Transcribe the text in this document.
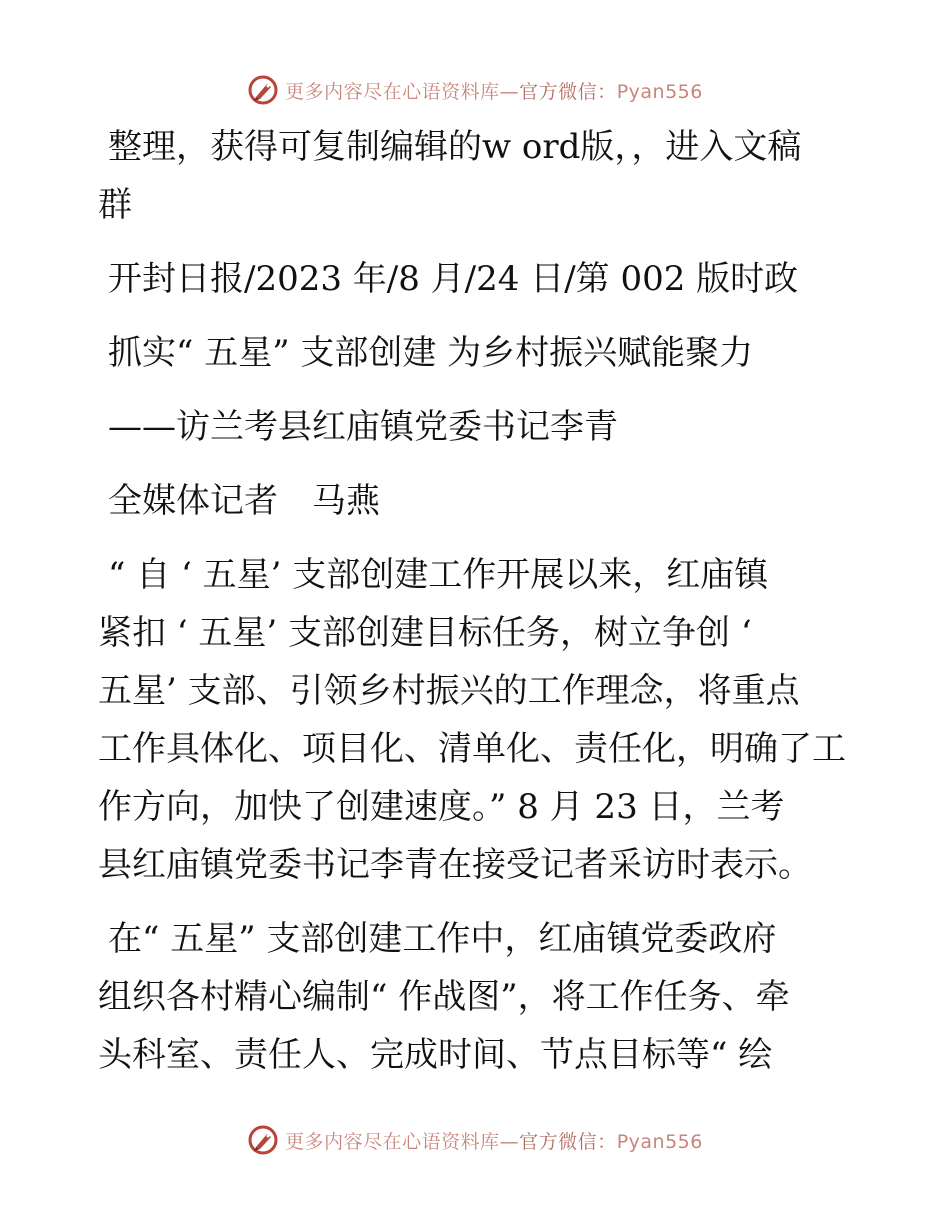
更多内容尽在心语资料库—官方微信：Pyan556
整理，获得可复制编辑的w ord版，，进入文稿
群
开封日报/2023 年/8 月/24 日/第 002 版时政
抓实“ 五星” 支部创建 为乡村振兴赋能聚力
——访兰考县红庙镇党委书记李青
全媒体记者　马燕
“ 自 ‘ 五星’ 支部创建工作开展以来，红庙镇
紧扣 ‘ 五星’ 支部创建目标任务，树立争创 ‘
五星’ 支部、引领乡村振兴的工作理念，将重点
工作具体化、项目化、清单化、责任化，明确了工
作方向，加快了创建速度。” 8 月 23 日，兰考
县红庙镇党委书记李青在接受记者采访时表示。
在“ 五星” 支部创建工作中，红庙镇党委政府
组织各村精心编制“ 作战图”，将工作任务、牵
头科室、责任人、完成时间、节点目标等“ 绘
更多内容尽在心语资料库—官方微信：Pyan556
